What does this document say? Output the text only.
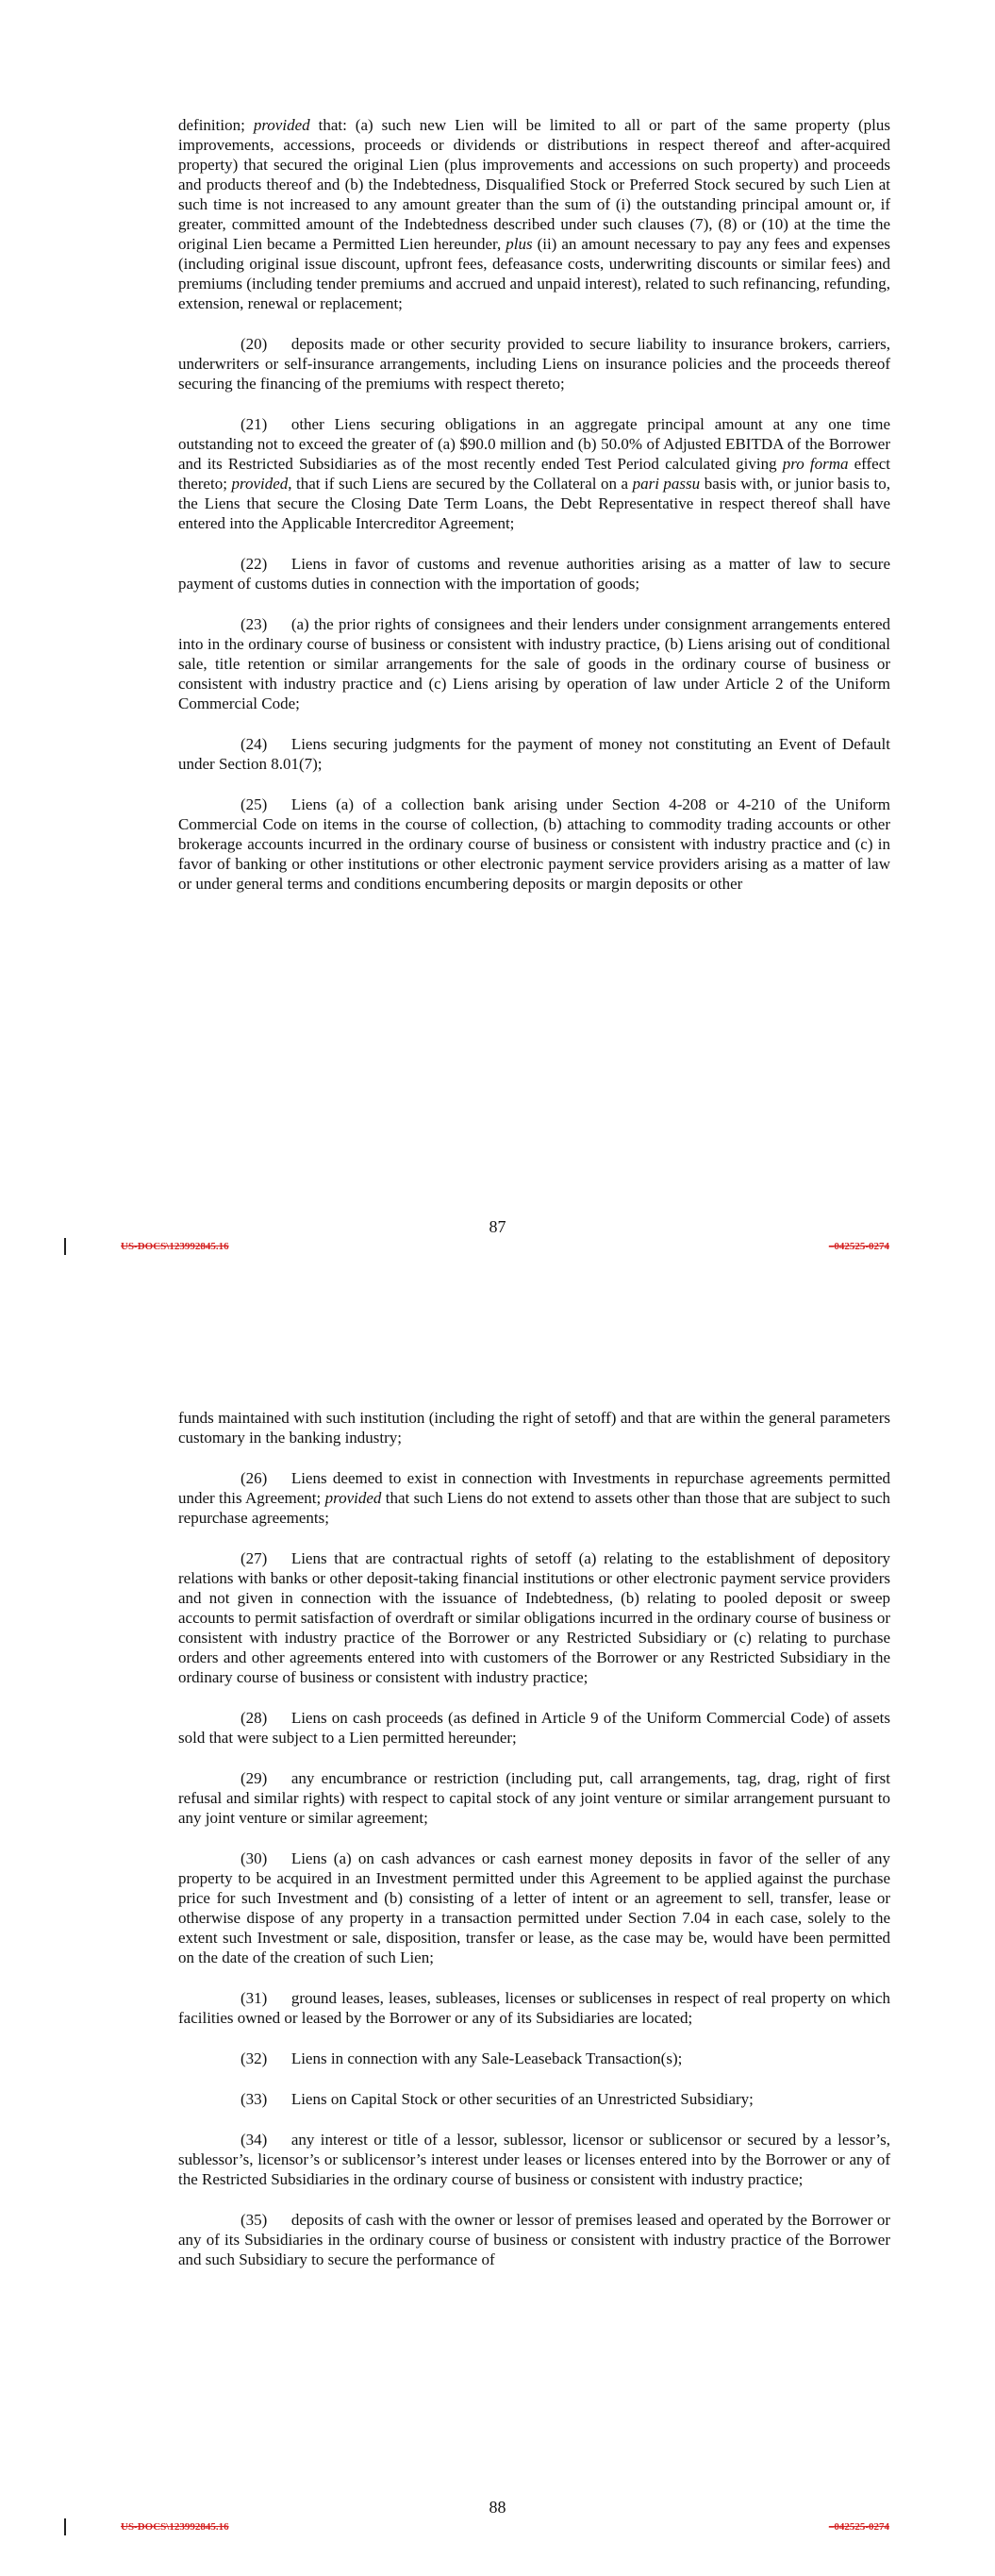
definition; provided that: (a) such new Lien will be limited to all or part of the same property (plus improvements, accessions, proceeds or dividends or distributions in respect thereof and after-acquired property) that secured the original Lien (plus improvements and accessions on such property) and proceeds and products thereof and (b) the Indebtedness, Disqualified Stock or Preferred Stock secured by such Lien at such time is not increased to any amount greater than the sum of (i) the outstanding principal amount or, if greater, committed amount of the Indebtedness described under such clauses (7), (8) or (10) at the time the original Lien became a Permitted Lien hereunder, plus (ii) an amount necessary to pay any fees and expenses (including original issue discount, upfront fees, defeasance costs, underwriting discounts or similar fees) and premiums (including tender premiums and accrued and unpaid interest), related to such refinancing, refunding, extension, renewal or replacement;

(20)  deposits made or other security provided to secure liability to insurance brokers, carriers, underwriters or self-insurance arrangements, including Liens on insurance policies and the proceeds thereof securing the financing of the premiums with respect thereto;

(21)  other Liens securing obligations in an aggregate principal amount at any one time outstanding not to exceed the greater of (a) $90.0 million and (b) 50.0% of Adjusted EBITDA of the Borrower and its Restricted Subsidiaries as of the most recently ended Test Period calculated giving pro forma effect thereto; provided, that if such Liens are secured by the Collateral on a pari passu basis with, or junior basis to, the Liens that secure the Closing Date Term Loans, the Debt Representative in respect thereof shall have entered into the Applicable Intercreditor Agreement;

(22)  Liens in favor of customs and revenue authorities arising as a matter of law to secure payment of customs duties in connection with the importation of goods;

(23)  (a) the prior rights of consignees and their lenders under consignment arrangements entered into in the ordinary course of business or consistent with industry practice, (b) Liens arising out of conditional sale, title retention or similar arrangements for the sale of goods in the ordinary course of business or consistent with industry practice and (c) Liens arising by operation of law under Article 2 of the Uniform Commercial Code;

(24)  Liens securing judgments for the payment of money not constituting an Event of Default under Section 8.01(7);

(25)  Liens (a) of a collection bank arising under Section 4-208 or 4-210 of the Uniform Commercial Code on items in the course of collection, (b) attaching to commodity trading accounts or other brokerage accounts incurred in the ordinary course of business or consistent with industry practice and (c) in favor of banking or other institutions or other electronic payment service providers arising as a matter of law or under general terms and conditions encumbering deposits or margin deposits or other

87
US-DOCS\123992845.16	–042525-0274

funds maintained with such institution (including the right of setoff) and that are within the general parameters customary in the banking industry;

(26)  Liens deemed to exist in connection with Investments in repurchase agreements permitted under this Agreement; provided that such Liens do not extend to assets other than those that are subject to such repurchase agreements;

(27)  Liens that are contractual rights of setoff (a) relating to the establishment of depository relations with banks or other deposit-taking financial institutions or other electronic payment service providers and not given in connection with the issuance of Indebtedness, (b) relating to pooled deposit or sweep accounts to permit satisfaction of overdraft or similar obligations incurred in the ordinary course of business or consistent with industry practice of the Borrower or any Restricted Subsidiary or (c) relating to purchase orders and other agreements entered into with customers of the Borrower or any Restricted Subsidiary in the ordinary course of business or consistent with industry practice;

(28)  Liens on cash proceeds (as defined in Article 9 of the Uniform Commercial Code) of assets sold that were subject to a Lien permitted hereunder;

(29)  any encumbrance or restriction (including put, call arrangements, tag, drag, right of first refusal and similar rights) with respect to capital stock of any joint venture or similar arrangement pursuant to any joint venture or similar agreement;

(30)  Liens (a) on cash advances or cash earnest money deposits in favor of the seller of any property to be acquired in an Investment permitted under this Agreement to be applied against the purchase price for such Investment and (b) consisting of a letter of intent or an agreement to sell, transfer, lease or otherwise dispose of any property in a transaction permitted under Section 7.04 in each case, solely to the extent such Investment or sale, disposition, transfer or lease, as the case may be, would have been permitted on the date of the creation of such Lien;

(31)  ground leases, leases, subleases, licenses or sublicenses in respect of real property on which facilities owned or leased by the Borrower or any of its Subsidiaries are located;

(32)  Liens in connection with any Sale-Leaseback Transaction(s);

(33)  Liens on Capital Stock or other securities of an Unrestricted Subsidiary;

(34)  any interest or title of a lessor, sublessor, licensor or sublicensor or secured by a lessor’s, sublessor’s, licensor’s or sublicensor’s interest under leases or licenses entered into by the Borrower or any of the Restricted Subsidiaries in the ordinary course of business or consistent with industry practice;

(35)  deposits of cash with the owner or lessor of premises leased and operated by the Borrower or any of its Subsidiaries in the ordinary course of business or consistent with industry practice of the Borrower and such Subsidiary to secure the performance of

88
US-DOCS\123992845.16	–042525-0274
